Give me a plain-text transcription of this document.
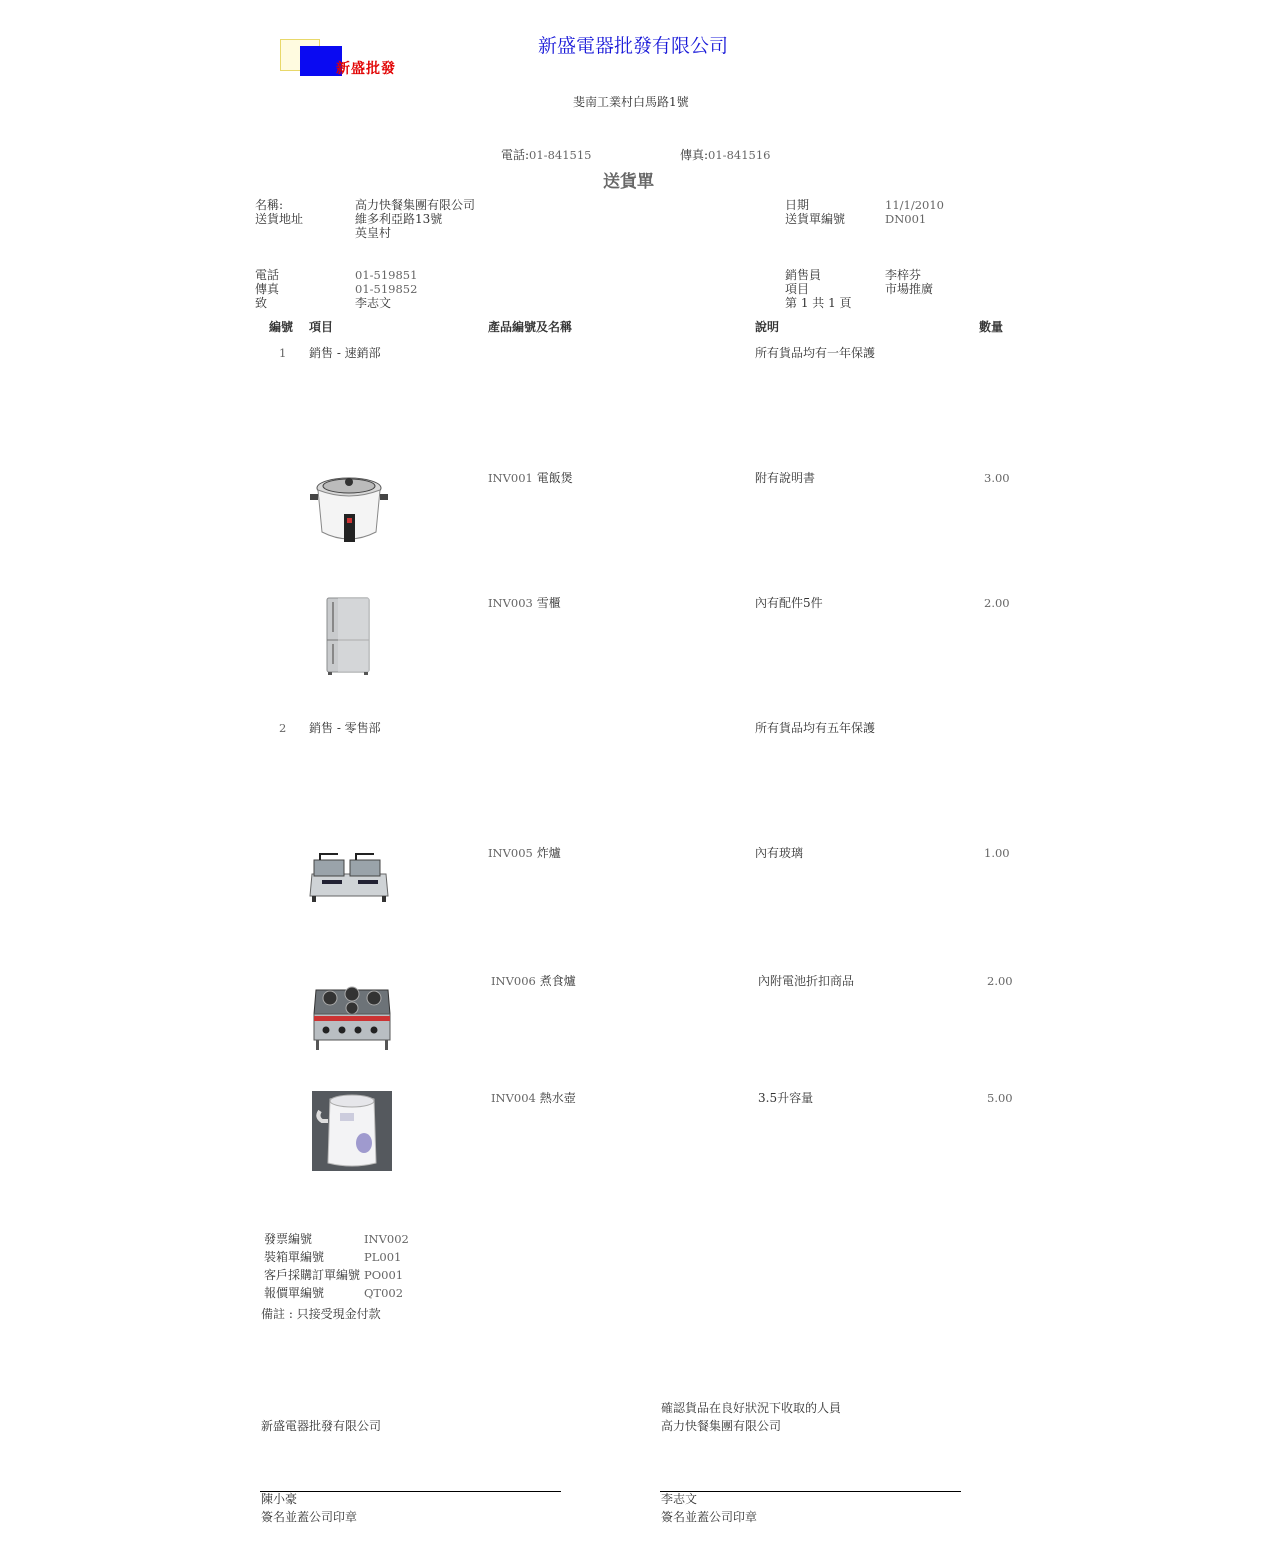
新盛批發
新盛電器批發有限公司
斐南工業村白馬路1號
電話:01-841515	傳真:01-841516
送貨單
名稱:	高力快餐集團有限公司
送貨地址	維多利亞路13號
英皇村
電話	01-519851
傳真	01-519852
致	李志文
日期	11/1/2010
送貨單編號	DN001
銷售員	李梓芬
項目	市場推廣
第 1 共 1 頁
編號 項目	產品編號及名稱	說明	數量
1 銷售 - 速銷部	所有貨品均有一年保護
INV001 電飯煲	附有說明書	3.00
INV003 雪櫃	內有配件5件	2.00
2 銷售 - 零售部	所有貨品均有五年保護
INV005 炸爐	內有玻璃	1.00
INV006 煮食爐	內附電池折扣商品	2.00
INV004 熱水壺	3.5升容量	5.00
發票編號	INV002
裝箱單編號	PL001
客戶採購訂單編號 PO001
報價單編號	QT002
備註 : 只接受現金付款
新盛電器批發有限公司
陳小豪
簽名並蓋公司印章
確認貨品在良好狀況下收取的人員
高力快餐集團有限公司
李志文
簽名並蓋公司印章
